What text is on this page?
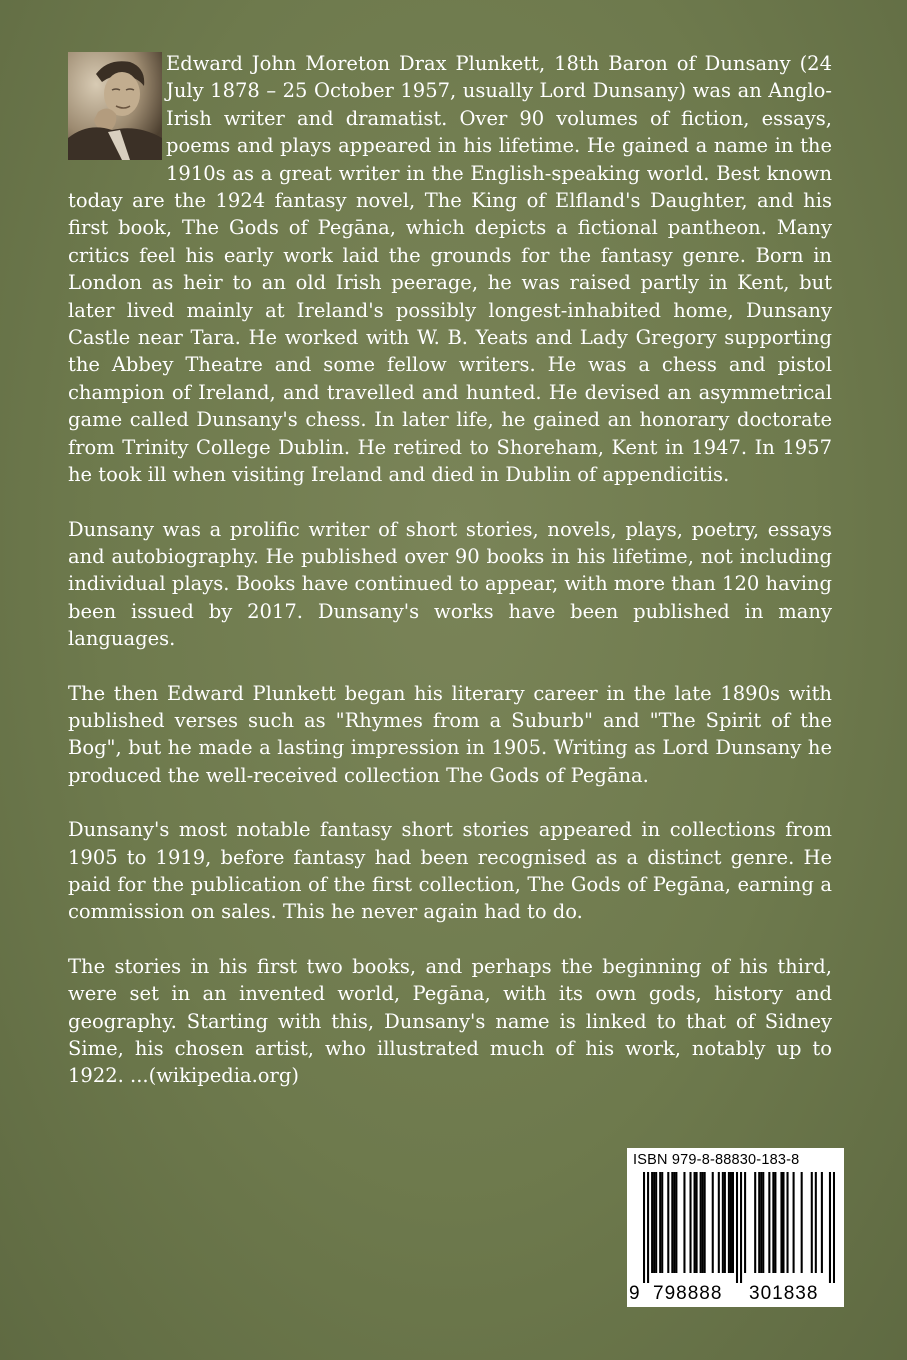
Edward John Moreton Drax Plunkett, 18th Baron of Dunsany (24 July 1878 – 25 October 1957, usually Lord Dunsany) was an Anglo-Irish writer and dramatist. Over 90 volumes of fiction, essays, poems and plays appeared in his lifetime. He gained a name in the 1910s as a great writer in the English-speaking world. Best known today are the 1924 fantasy novel, The King of Elfland's Daughter, and his first book, The Gods of Pegāna, which depicts a fictional pantheon. Many critics feel his early work laid the grounds for the fantasy genre. Born in London as heir to an old Irish peerage, he was raised partly in Kent, but later lived mainly at Ireland's possibly longest-inhabited home, Dunsany Castle near Tara. He worked with W. B. Yeats and Lady Gregory supporting the Abbey Theatre and some fellow writers. He was a chess and pistol champion of Ireland, and travelled and hunted. He devised an asymmetrical game called Dunsany's chess. In later life, he gained an honorary doctorate from Trinity College Dublin. He retired to Shoreham, Kent in 1947. In 1957 he took ill when visiting Ireland and died in Dublin of appendicitis.

Dunsany was a prolific writer of short stories, novels, plays, poetry, essays and autobiography. He published over 90 books in his lifetime, not including individual plays. Books have continued to appear, with more than 120 having been issued by 2017. Dunsany's works have been published in many languages.

The then Edward Plunkett began his literary career in the late 1890s with published verses such as "Rhymes from a Suburb" and "The Spirit of the Bog", but he made a lasting impression in 1905. Writing as Lord Dunsany he produced the well-received collection The Gods of Pegāna.

Dunsany's most notable fantasy short stories appeared in collections from 1905 to 1919, before fantasy had been recognised as a distinct genre. He paid for the publication of the first collection, The Gods of Pegāna, earning a commission on sales. This he never again had to do.

The stories in his first two books, and perhaps the beginning of his third, were set in an invented world, Pegāna, with its own gods, history and geography. Starting with this, Dunsany's name is linked to that of Sidney Sime, his chosen artist, who illustrated much of his work, notably up to 1922. ...(wikipedia.org)

ISBN 979-8-88830-183-8
9 798888 301838
